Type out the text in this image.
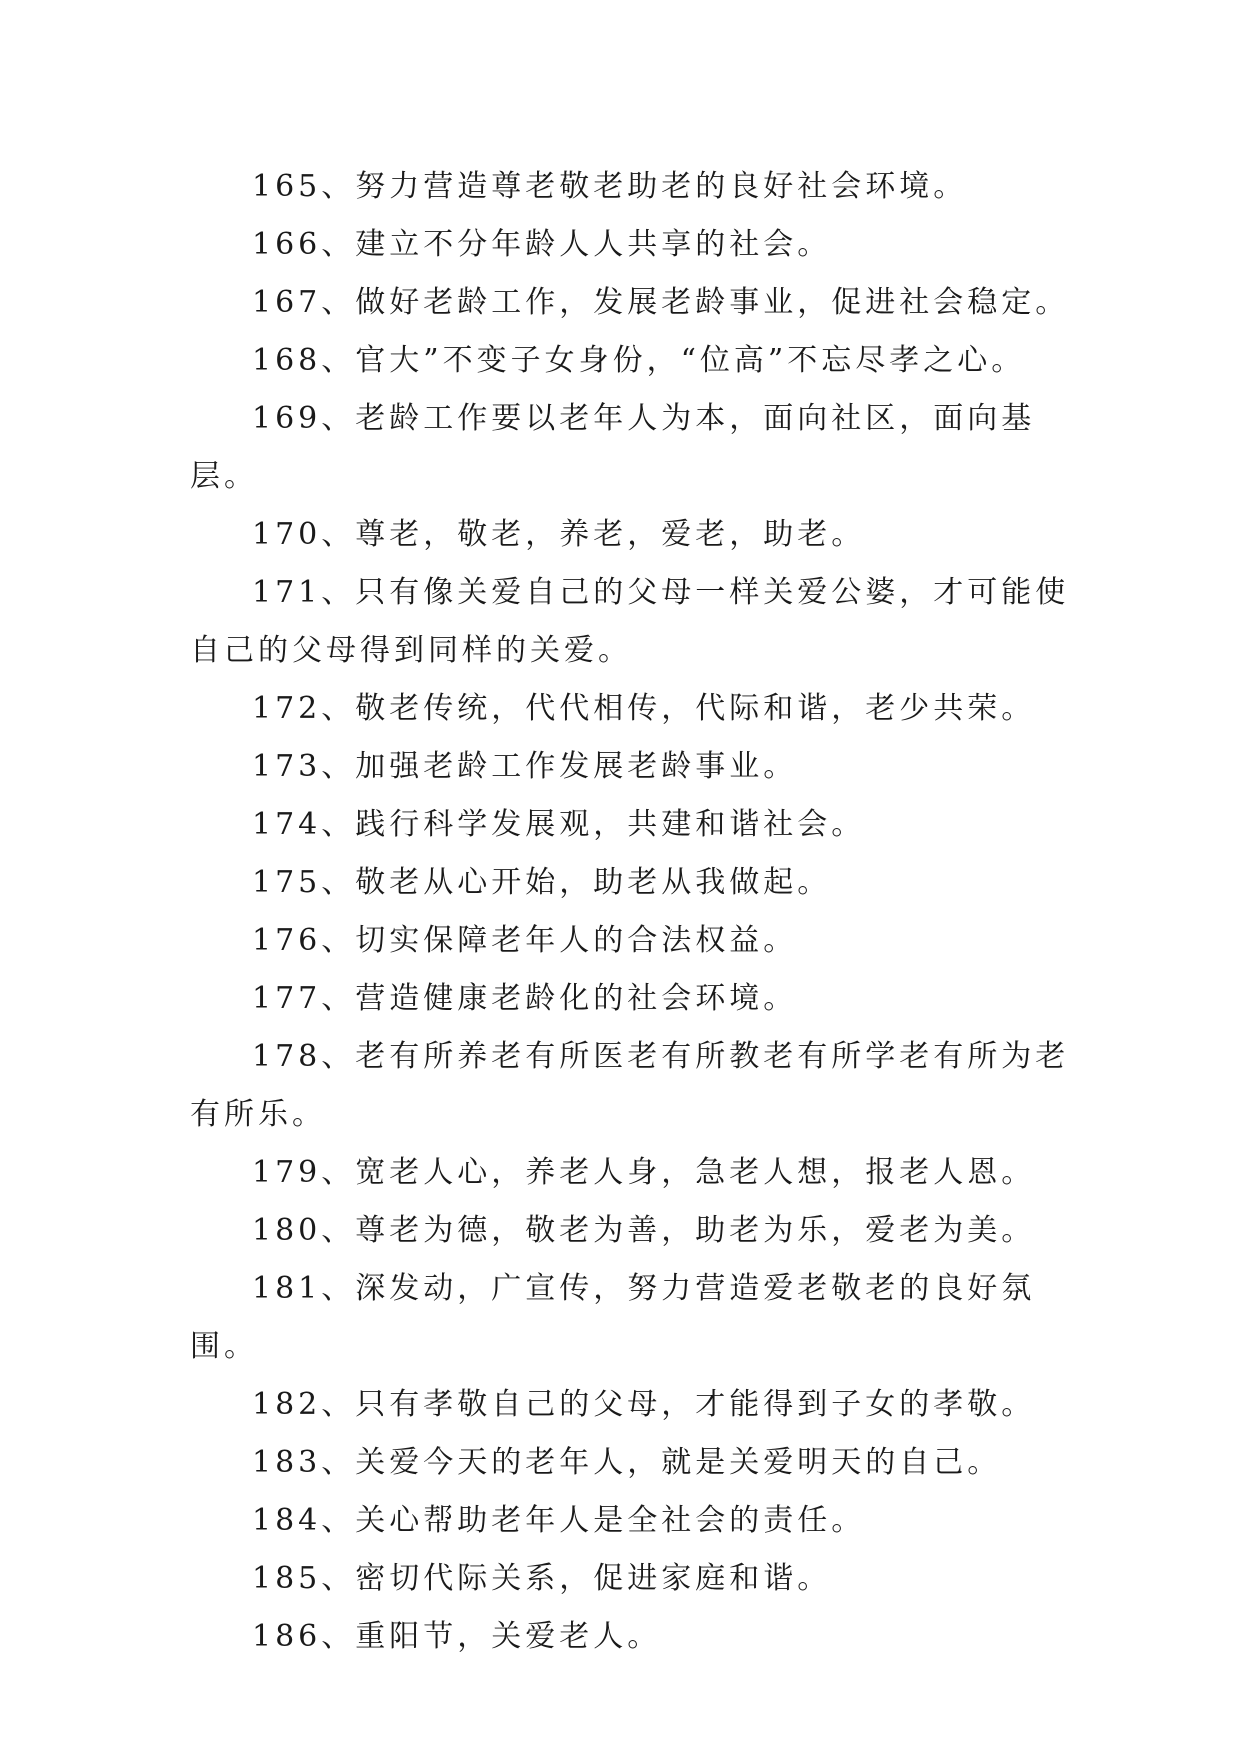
165、努力营造尊老敬老助老的良好社会环境。

166、建立不分年龄人人共享的社会。

167、做好老龄工作，发展老龄事业，促进社会稳定。

168、官大”不变子女身份，“位高”不忘尽孝之心。

169、老龄工作要以老年人为本，面向社区，面向基层。

170、尊老，敬老，养老，爱老，助老。

171、只有像关爱自己的父母一样关爱公婆，才可能使自己的父母得到同样的关爱。

172、敬老传统，代代相传，代际和谐，老少共荣。

173、加强老龄工作发展老龄事业。

174、践行科学发展观，共建和谐社会。

175、敬老从心开始，助老从我做起。

176、切实保障老年人的合法权益。

177、营造健康老龄化的社会环境。

178、老有所养老有所医老有所教老有所学老有所为老有所乐。

179、宽老人心，养老人身，急老人想，报老人恩。

180、尊老为德，敬老为善，助老为乐，爱老为美。

181、深发动，广宣传，努力营造爱老敬老的良好氛围。

182、只有孝敬自己的父母，才能得到子女的孝敬。

183、关爱今天的老年人，就是关爱明天的自己。

184、关心帮助老年人是全社会的责任。

185、密切代际关系，促进家庭和谐。

186、重阳节，关爱老人。
